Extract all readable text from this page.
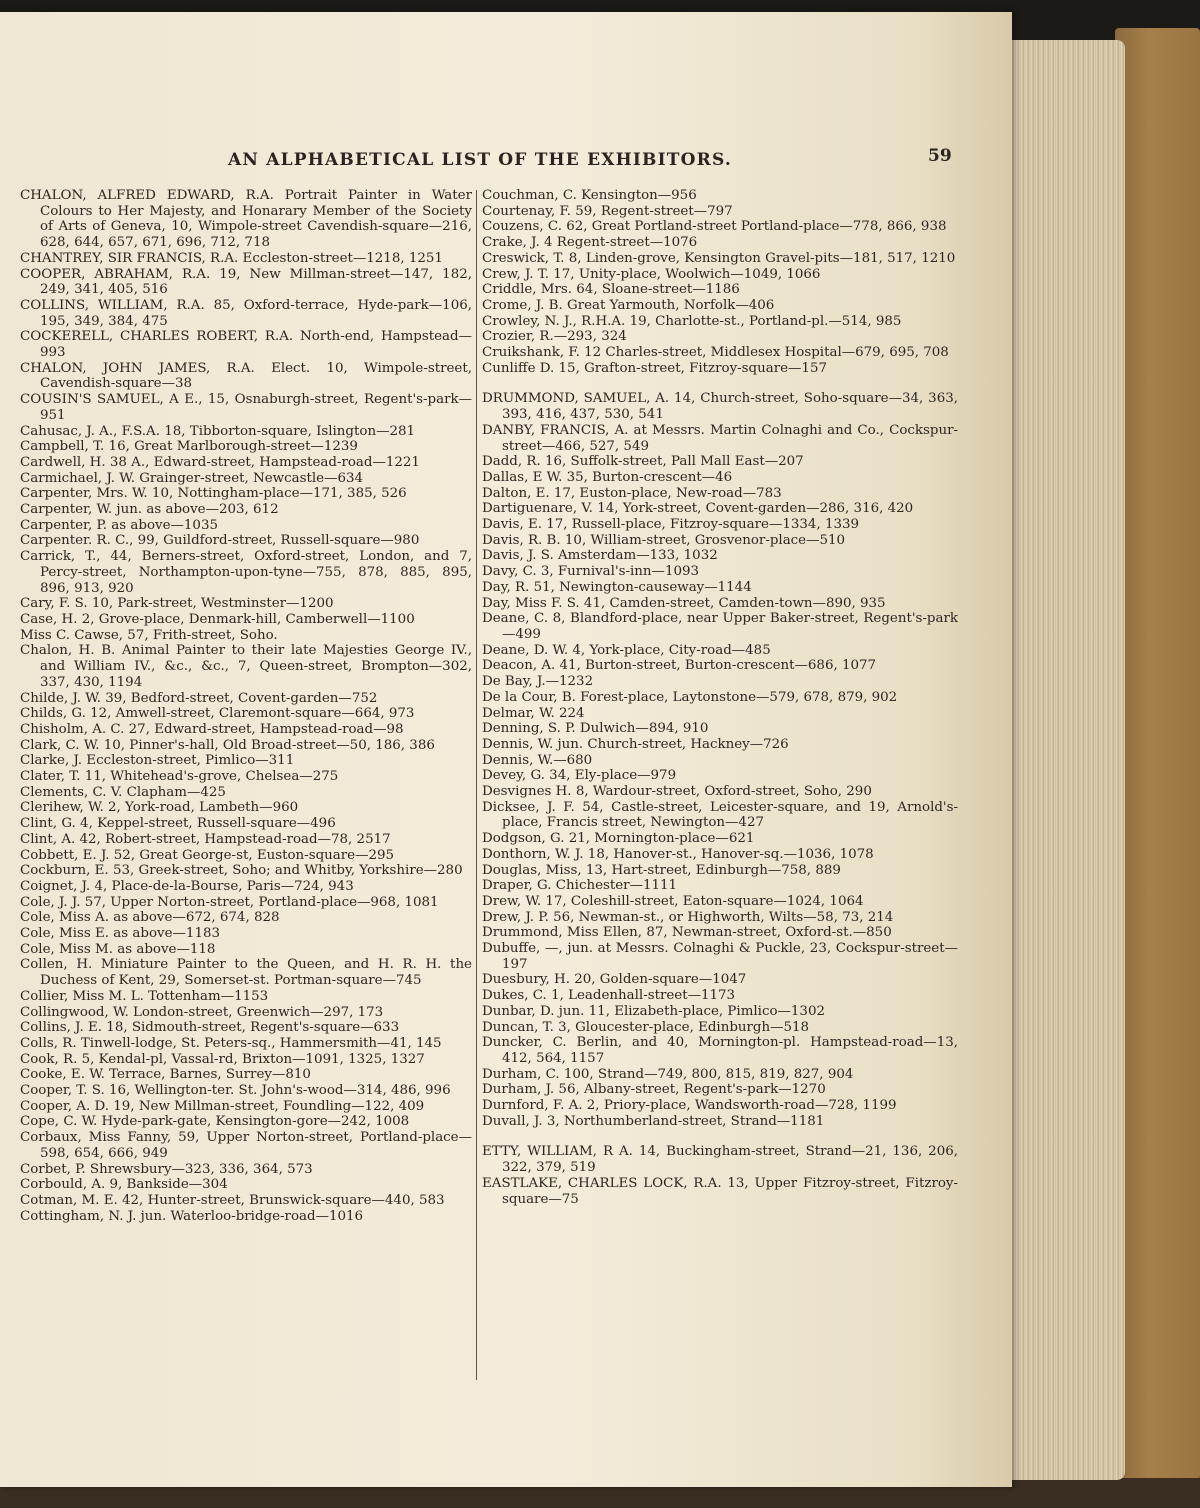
AN ALPHABETICAL LIST OF THE EXHIBITORS.	59

CHALON, ALFRED EDWARD, R.A. Portrait Painter in Water Colours to Her Majesty, and Honarary Member of the Society of Arts of Geneva, 10, Wimpole-street Cavendish-square—216, 628, 644, 657, 671, 696, 712, 718

CHANTREY, SIR FRANCIS, R.A. Eccleston-street—1218, 1251

COOPER, ABRAHAM, R.A. 19, New Millman-street—147, 182, 249, 341, 405, 516

COLLINS, WILLIAM, R.A. 85, Oxford-terrace, Hyde-park—106, 195, 349, 384, 475

COCKERELL, CHARLES ROBERT, R.A. North-end, Hampstead—993

CHALON, JOHN JAMES, R.A. Elect. 10, Wimpole-street, Cavendish-square—38

COUSIN'S SAMUEL, A E., 15, Osnaburgh-street, Regent's-park—951

Cahusac, J. A., F.S.A. 18, Tibborton-square, Islington—281

Campbell, T. 16, Great Marlborough-street—1239

Cardwell, H. 38 A., Edward-street, Hampstead-road—1221

Carmichael, J. W. Grainger-street, Newcastle—634

Carpenter, Mrs. W. 10, Nottingham-place—171, 385, 526

Carpenter, W. jun. as above—203, 612

Carpenter, P. as above—1035

Carpenter. R. C., 99, Guildford-street, Russell-square—980

Carrick, T., 44, Berners-street, Oxford-street, London, and 7, Percy-street, Northampton-upon-tyne—755, 878, 885, 895, 896, 913, 920

Cary, F. S. 10, Park-street, Westminster—1200

Case, H. 2, Grove-place, Denmark-hill, Camberwell—1100

Miss C. Cawse, 57, Frith-street, Soho.

Chalon, H. B. Animal Painter to their late Majesties George IV., and William IV., &c., &c., 7, Queen-street, Brompton—302, 337, 430, 1194

Childe, J. W. 39, Bedford-street, Covent-garden—752

Childs, G. 12, Amwell-street, Claremont-square—664, 973

Chisholm, A. C. 27, Edward-street, Hampstead-road—98

Clark, C. W. 10, Pinner's-hall, Old Broad-street—50, 186, 386

Clarke, J. Eccleston-street, Pimlico—311

Clater, T. 11, Whitehead's-grove, Chelsea—275

Clements, C. V. Clapham—425

Clerihew, W. 2, York-road, Lambeth—960

Clint, G. 4, Keppel-street, Russell-square—496

Clint, A. 42, Robert-street, Hampstead-road—78, 2517

Cobbett, E. J. 52, Great George-st, Euston-square—295

Cockburn, E. 53, Greek-street, Soho; and Whitby, Yorkshire—280

Coignet, J. 4, Place-de-la-Bourse, Paris—724, 943

Cole, J. J. 57, Upper Norton-street, Portland-place—968, 1081

Cole, Miss A. as above—672, 674, 828

Cole, Miss E. as above—1183

Cole, Miss M. as above—118

Collen, H. Miniature Painter to the Queen, and H. R. H. the Duchess of Kent, 29, Somerset-st. Portman-square—745

Collier, Miss M. L. Tottenham—1153

Collingwood, W. London-street, Greenwich—297, 173

Collins, J. E. 18, Sidmouth-street, Regent's-square—633

Colls, R. Tinwell-lodge, St. Peters-sq., Hammersmith—41, 145

Cook, R. 5, Kendal-pl, Vassal-rd, Brixton—1091, 1325, 1327

Cooke, E. W. Terrace, Barnes, Surrey—810

Cooper, T. S. 16, Wellington-ter. St. John's-wood—314, 486, 996

Cooper, A. D. 19, New Millman-street, Foundling—122, 409

Cope, C. W. Hyde-park-gate, Kensington-gore—242, 1008

Corbaux, Miss Fanny, 59, Upper Norton-street, Portland-place—598, 654, 666, 949

Corbet, P. Shrewsbury—323, 336, 364, 573

Corbould, A. 9, Bankside—304

Cotman, M. E. 42, Hunter-street, Brunswick-square—440, 583

Cottingham, N. J. jun. Waterloo-bridge-road—1016

Couchman, C. Kensington—956

Courtenay, F. 59, Regent-street—797

Couzens, C. 62, Great Portland-street Portland-place—778, 866, 938

Crake, J. 4 Regent-street—1076

Creswick, T. 8, Linden-grove, Kensington Gravel-pits—181, 517, 1210

Crew, J. T. 17, Unity-place, Woolwich—1049, 1066

Criddle, Mrs. 64, Sloane-street—1186

Crome, J. B. Great Yarmouth, Norfolk—406

Crowley, N. J., R.H.A. 19, Charlotte-st., Portland-pl.—514, 985

Crozier, R.—293, 324

Cruikshank, F. 12 Charles-street, Middlesex Hospital—679, 695, 708

Cunliffe D. 15, Grafton-street, Fitzroy-square—157

DRUMMOND, SAMUEL, A. 14, Church-street, Soho-square—34, 363, 393, 416, 437, 530, 541

DANBY, FRANCIS, A. at Messrs. Martin Colnaghi and Co., Cockspur-street—466, 527, 549

Dadd, R. 16, Suffolk-street, Pall Mall East—207

Dallas, E W. 35, Burton-crescent—46

Dalton, E. 17, Euston-place, New-road—783

Dartiguenare, V. 14, York-street, Covent-garden—286, 316, 420

Davis, E. 17, Russell-place, Fitzroy-square—1334, 1339

Davis, R. B. 10, William-street, Grosvenor-place—510

Davis, J. S. Amsterdam—133, 1032

Davy, C. 3, Furnival's-inn—1093

Day, R. 51, Newington-causeway—1144

Day, Miss F. S. 41, Camden-street, Camden-town—890, 935

Deane, C. 8, Blandford-place, near Upper Baker-street, Regent's-park—499

Deane, D. W. 4, York-place, City-road—485

Deacon, A. 41, Burton-street, Burton-crescent—686, 1077

De Bay, J.—1232

De la Cour, B. Forest-place, Laytonstone—579, 678, 879, 902

Delmar, W. 224

Denning, S. P. Dulwich—894, 910

Dennis, W. jun. Church-street, Hackney—726

Dennis, W.—680

Devey, G. 34, Ely-place—979

Desvignes H. 8, Wardour-street, Oxford-street, Soho, 290

Dicksee, J. F. 54, Castle-street, Leicester-square, and 19, Arnold's-place, Francis street, Newington—427

Dodgson, G. 21, Mornington-place—621

Donthorn, W. J. 18, Hanover-st., Hanover-sq.—1036, 1078

Douglas, Miss, 13, Hart-street, Edinburgh—758, 889

Draper, G. Chichester—1111

Drew, W. 17, Coleshill-street, Eaton-square—1024, 1064

Drew, J. P. 56, Newman-st., or Highworth, Wilts—58, 73, 214

Drummond, Miss Ellen, 87, Newman-street, Oxford-st.—850

Dubuffe, —, jun. at Messrs. Colnaghi & Puckle, 23, Cockspur-street—197

Duesbury, H. 20, Golden-square—1047

Dukes, C. 1, Leadenhall-street—1173

Dunbar, D. jun. 11, Elizabeth-place, Pimlico—1302

Duncan, T. 3, Gloucester-place, Edinburgh—518

Duncker, C. Berlin, and 40, Mornington-pl. Hampstead-road—13, 412, 564, 1157

Durham, C. 100, Strand—749, 800, 815, 819, 827, 904

Durham, J. 56, Albany-street, Regent's-park—1270

Durnford, F. A. 2, Priory-place, Wandsworth-road—728, 1199

Duvall, J. 3, Northumberland-street, Strand—1181

ETTY, WILLIAM, R A. 14, Buckingham-street, Strand—21, 136, 206, 322, 379, 519

EASTLAKE, CHARLES LOCK, R.A. 13, Upper Fitzroy-street, Fitzroy-square—75
